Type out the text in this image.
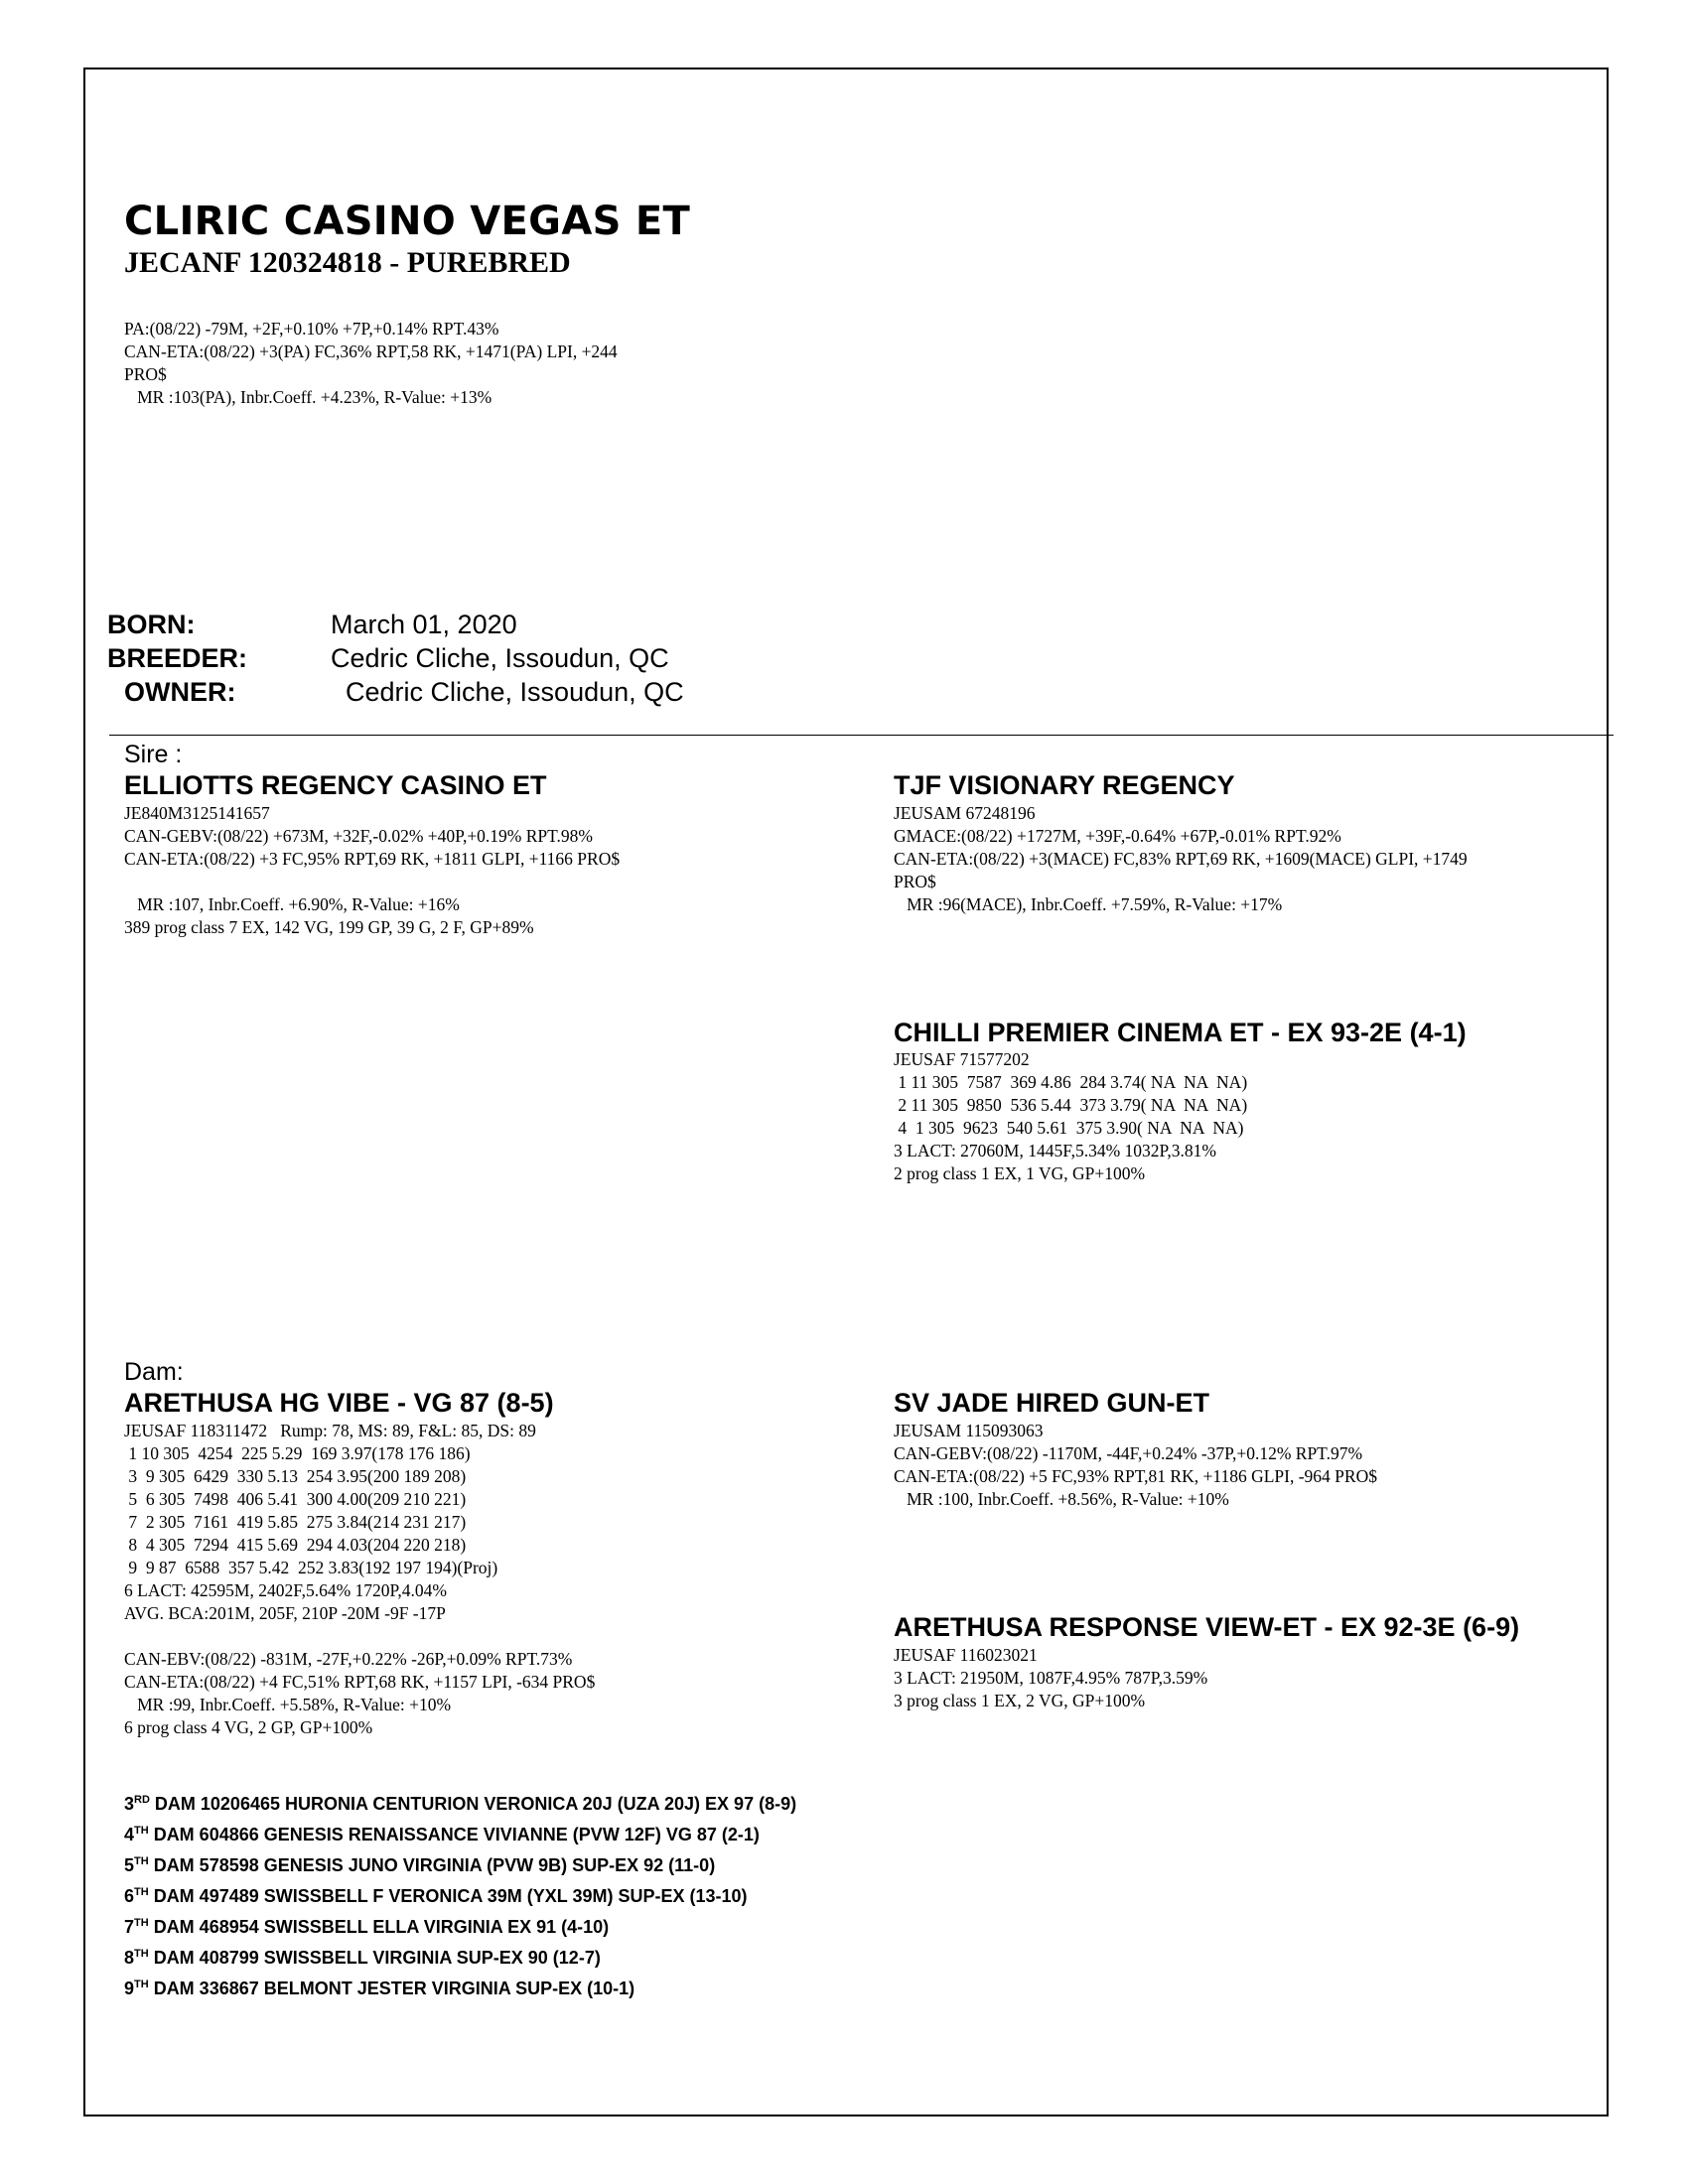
CLIRIC CASINO VEGAS ET
JECANF 120324818 - PUREBRED
PA:(08/22) -79M, +2F,+0.10% +7P,+0.14% RPT.43%
CAN-ETA:(08/22) +3(PA) FC,36% RPT,58 RK, +1471(PA) LPI, +244
PRO$
MR :103(PA), Inbr.Coeff. +4.23%, R-Value: +13%
BORN:	March 01, 2020
BREEDER:	Cedric Cliche, Issoudun, QC
OWNER:	Cedric Cliche, Issoudun, QC
Sire :
ELLIOTTS REGENCY CASINO ET
JE840M3125141657
CAN-GEBV:(08/22) +673M, +32F,-0.02% +40P,+0.19% RPT.98%
CAN-ETA:(08/22) +3 FC,95% RPT,69 RK, +1811 GLPI, +1166 PRO$

MR :107, Inbr.Coeff. +6.90%, R-Value: +16%
389 prog class 7 EX, 142 VG, 199 GP, 39 G, 2 F, GP+89%
TJF VISIONARY REGENCY
JEUSAM 67248196
GMACE:(08/22) +1727M, +39F,-0.64% +67P,-0.01% RPT.92%
CAN-ETA:(08/22) +3(MACE) FC,83% RPT,69 RK, +1609(MACE) GLPI, +1749
PRO$
MR :96(MACE), Inbr.Coeff. +7.59%, R-Value: +17%
CHILLI PREMIER CINEMA ET - EX 93-2E (4-1)
JEUSAF 71577202
1 11 305  7587  369 4.86  284 3.74( NA  NA  NA)
2 11 305  9850  536 5.44  373 3.79( NA  NA  NA)
4  1 305  9623  540 5.61  375 3.90( NA  NA  NA)
3 LACT: 27060M, 1445F,5.34% 1032P,3.81%
2 prog class 1 EX, 1 VG, GP+100%
Dam:
ARETHUSA HG VIBE - VG 87 (8-5)
JEUSAF 118311472   Rump: 78, MS: 89, F&L: 85, DS: 89
1 10 305  4254  225 5.29  169 3.97(178 176 186)
3  9 305  6429  330 5.13  254 3.95(200 189 208)
5  6 305  7498  406 5.41  300 4.00(209 210 221)
7  2 305  7161  419 5.85  275 3.84(214 231 217)
8  4 305  7294  415 5.69  294 4.03(204 220 218)
9  9 87  6588  357 5.42  252 3.83(192 197 194)(Proj)
6 LACT: 42595M, 2402F,5.64% 1720P,4.04%
AVG. BCA:201M, 205F, 210P -20M -9F -17P
CAN-EBV:(08/22) -831M, -27F,+0.22% -26P,+0.09% RPT.73%
CAN-ETA:(08/22) +4 FC,51% RPT,68 RK, +1157 LPI, -634 PRO$
MR :99, Inbr.Coeff. +5.58%, R-Value: +10%
6 prog class 4 VG, 2 GP, GP+100%
SV JADE HIRED GUN-ET
JEUSAM 115093063
CAN-GEBV:(08/22) -1170M, -44F,+0.24% -37P,+0.12% RPT.97%
CAN-ETA:(08/22) +5 FC,93% RPT,81 RK, +1186 GLPI, -964 PRO$
MR :100, Inbr.Coeff. +8.56%, R-Value: +10%
ARETHUSA RESPONSE VIEW-ET - EX 92-3E (6-9)
JEUSAF 116023021
3 LACT: 21950M, 1087F,4.95% 787P,3.59%
3 prog class 1 EX, 2 VG, GP+100%
3RD DAM 10206465 HURONIA CENTURION VERONICA 20J (UZA 20J) EX 97 (8-9)
4TH DAM 604866 GENESIS RENAISSANCE VIVIANNE (PVW 12F) VG 87 (2-1)
5TH DAM 578598 GENESIS JUNO VIRGINIA (PVW 9B) SUP-EX 92 (11-0)
6TH DAM 497489 SWISSBELL F VERONICA 39M (YXL 39M) SUP-EX (13-10)
7TH DAM 468954 SWISSBELL ELLA VIRGINIA EX 91 (4-10)
8TH DAM 408799 SWISSBELL VIRGINIA SUP-EX 90 (12-7)
9TH DAM 336867 BELMONT JESTER VIRGINIA SUP-EX (10-1)
